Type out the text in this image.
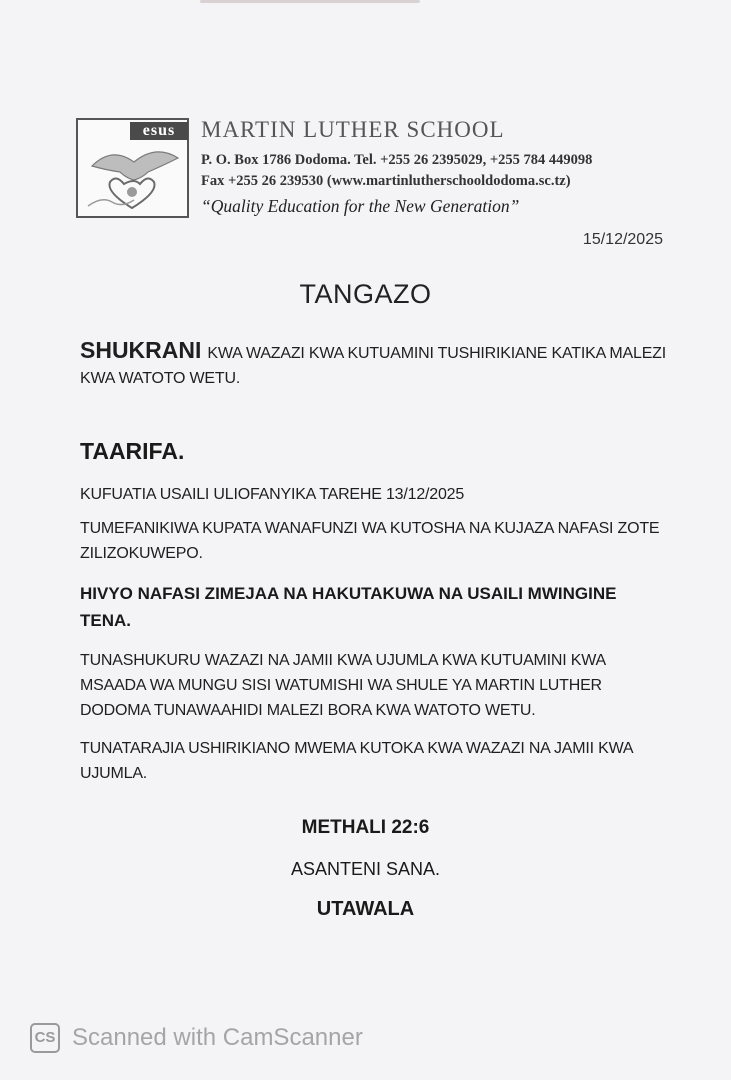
esus	MARTIN LUTHER SCHOOL
P. O. Box 1786 Dodoma. Tel. +255 26 2395029, +255 784 449098
Fax +255 26 239530 (www.martinlutherschooldodoma.sc.tz)
“Quality Education for the New Generation”
15/12/2025
TANGAZO
SHUKRANI KWA WAZAZI KWA KUTUAMINI TUSHIRIKIANE KATIKA MALEZI KWA WATOTO WETU.
TAARIFA.
KUFUATIA USAILI ULIOFANYIKA TAREHE 13/12/2025
TUMEFANIKIWA KUPATA WANAFUNZI WA KUTOSHA NA KUJAZA NAFASI ZOTE ZILIZOKUWEPO.
HIVYO NAFASI ZIMEJAA NA HAKUTAKUWA NA USAILI MWINGINE TENA.
TUNASHUKURU WAZAZI NA JAMII KWA UJUMLA KWA KUTUAMINI KWA MSAADA WA MUNGU SISI WATUMISHI WA SHULE YA MARTIN LUTHER DODOMA TUNAWAAHIDI MALEZI BORA KWA WATOTO WETU.
TUNATARAJIA USHIRIKIANO MWEMA KUTOKA KWA WAZAZI NA JAMII KWA UJUMLA.
METHALI 22:6
ASANTENI SANA.
UTAWALA
CS Scanned with CamScanner
